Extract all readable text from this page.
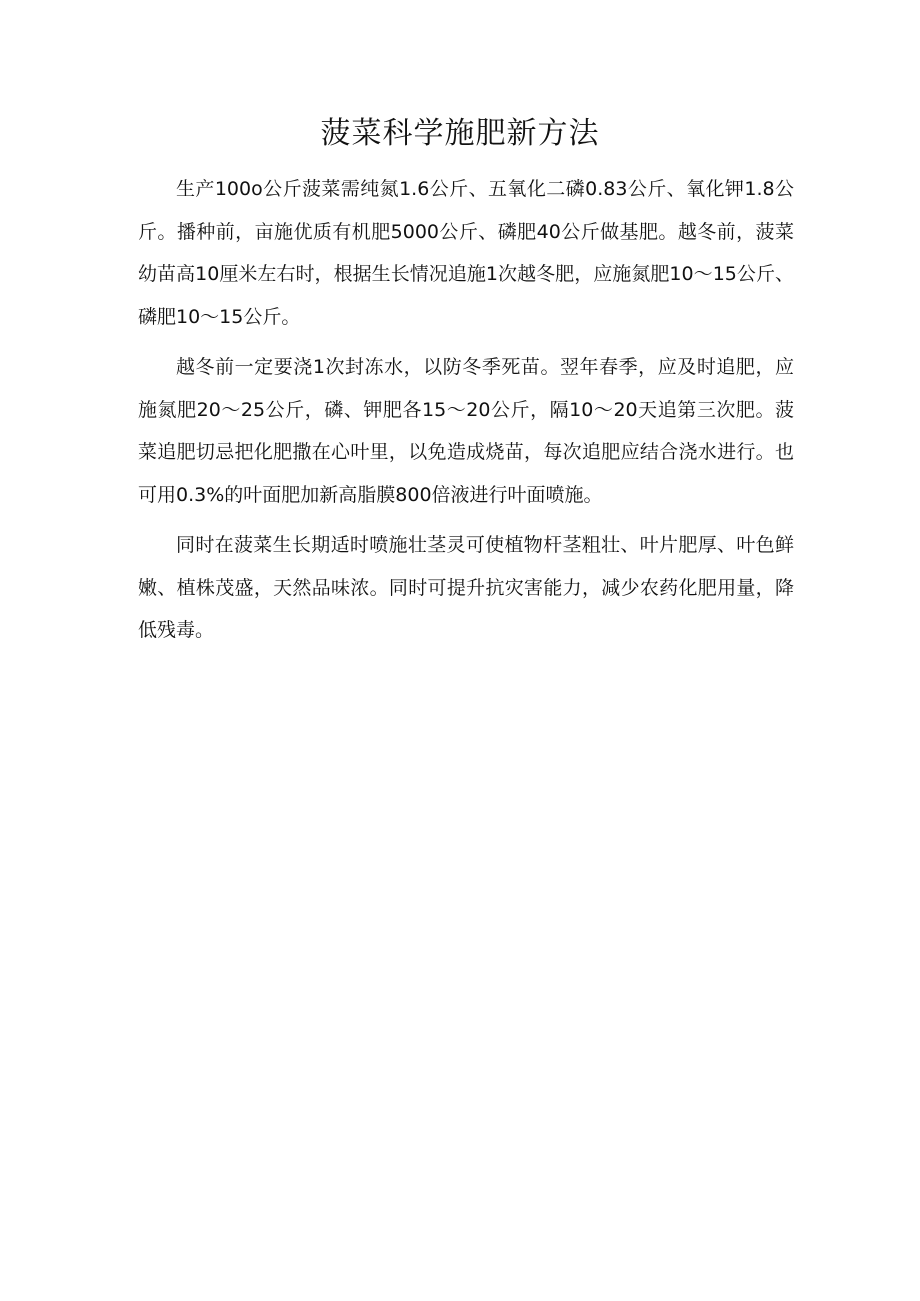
菠菜科学施肥新方法

生产100o公斤菠菜需纯氮1.6公斤、五氧化二磷0.83公斤、氧化钾1.8公斤。播种前，亩施优质有机肥5000公斤、磷肥40公斤做基肥。越冬前，菠菜幼苗高10厘米左右时，根据生长情况追施1次越冬肥，应施氮肥10〜15公斤、磷肥10〜15公斤。

越冬前一定要浇1次封冻水，以防冬季死苗。翌年春季，应及时追肥，应施氮肥20〜25公斤，磷、钾肥各15〜20公斤，隔10〜20天追第三次肥。菠菜追肥切忌把化肥撒在心叶里，以免造成烧苗，每次追肥应结合浇水进行。也可用0.3%的叶面肥加新高脂膜800倍液进行叶面喷施。

同时在菠菜生长期适时喷施壮茎灵可使植物杆茎粗壮、叶片肥厚、叶色鲜嫩、植株茂盛，天然品味浓。同时可提升抗灾害能力，减少农药化肥用量，降低残毒。
